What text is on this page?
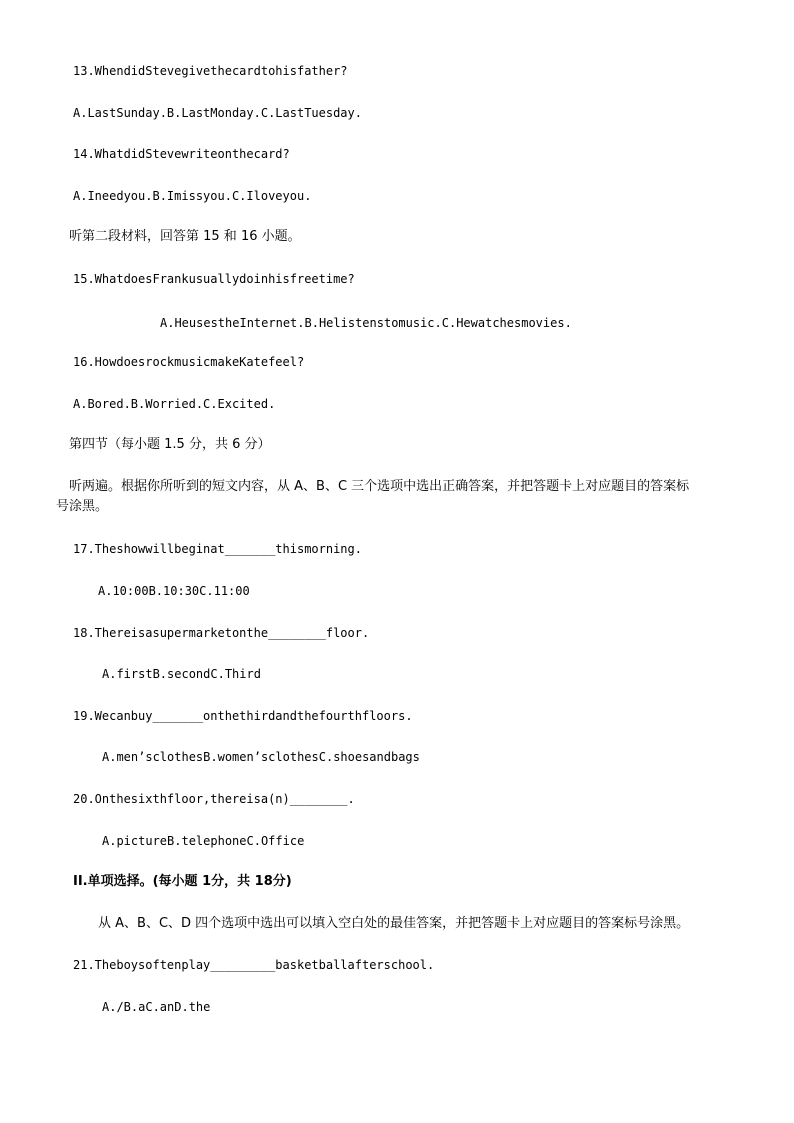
13.WhendidStevegivethecardtohisfather?
A.LastSunday.B.LastMonday.C.LastTuesday.
14.WhatdidStevewriteonthecard?
A.Ineedyou.B.Imissyou.C.Iloveyou.
听第二段材料，回答第 15 和 16 小题。
15.WhatdoesFrankusuallydoinhisfreetime?
A.HeusestheInternet.B.Helistenstomusic.C.Hewatchesmovies.
16.HowdoesrockmusicmakeKatefeel?
A.Bored.B.Worried.C.Excited.
第四节（每小题 1.5 分，共 6 分）
听两遍。根据你所听到的短文内容，从 A、B、C 三个选项中选出正确答案，并把答题卡上对应题目的答案标
号涂黑。
17.Theshowwillbeginat_______thismorning.
A.10:00B.10:30C.11:00
18.Thereisasupermarketonthe________floor.
A.firstB.secondC.Third
19.Wecanbuy_______onthethirdandthefourthfloors.
A.men’sclothesB.women’sclothesC.shoesandbags
20.Onthesixthfloor,thereisa(n)________.
A.pictureB.telephoneC.Office
II.单项选择。(每小题 1分，共 18分)
从 A、B、C、D 四个选项中选出可以填入空白处的最佳答案，并把答题卡上对应题目的答案标号涂黑。
21.Theboysoftenplay_________basketballafterschool.
A./B.aC.anD.the
